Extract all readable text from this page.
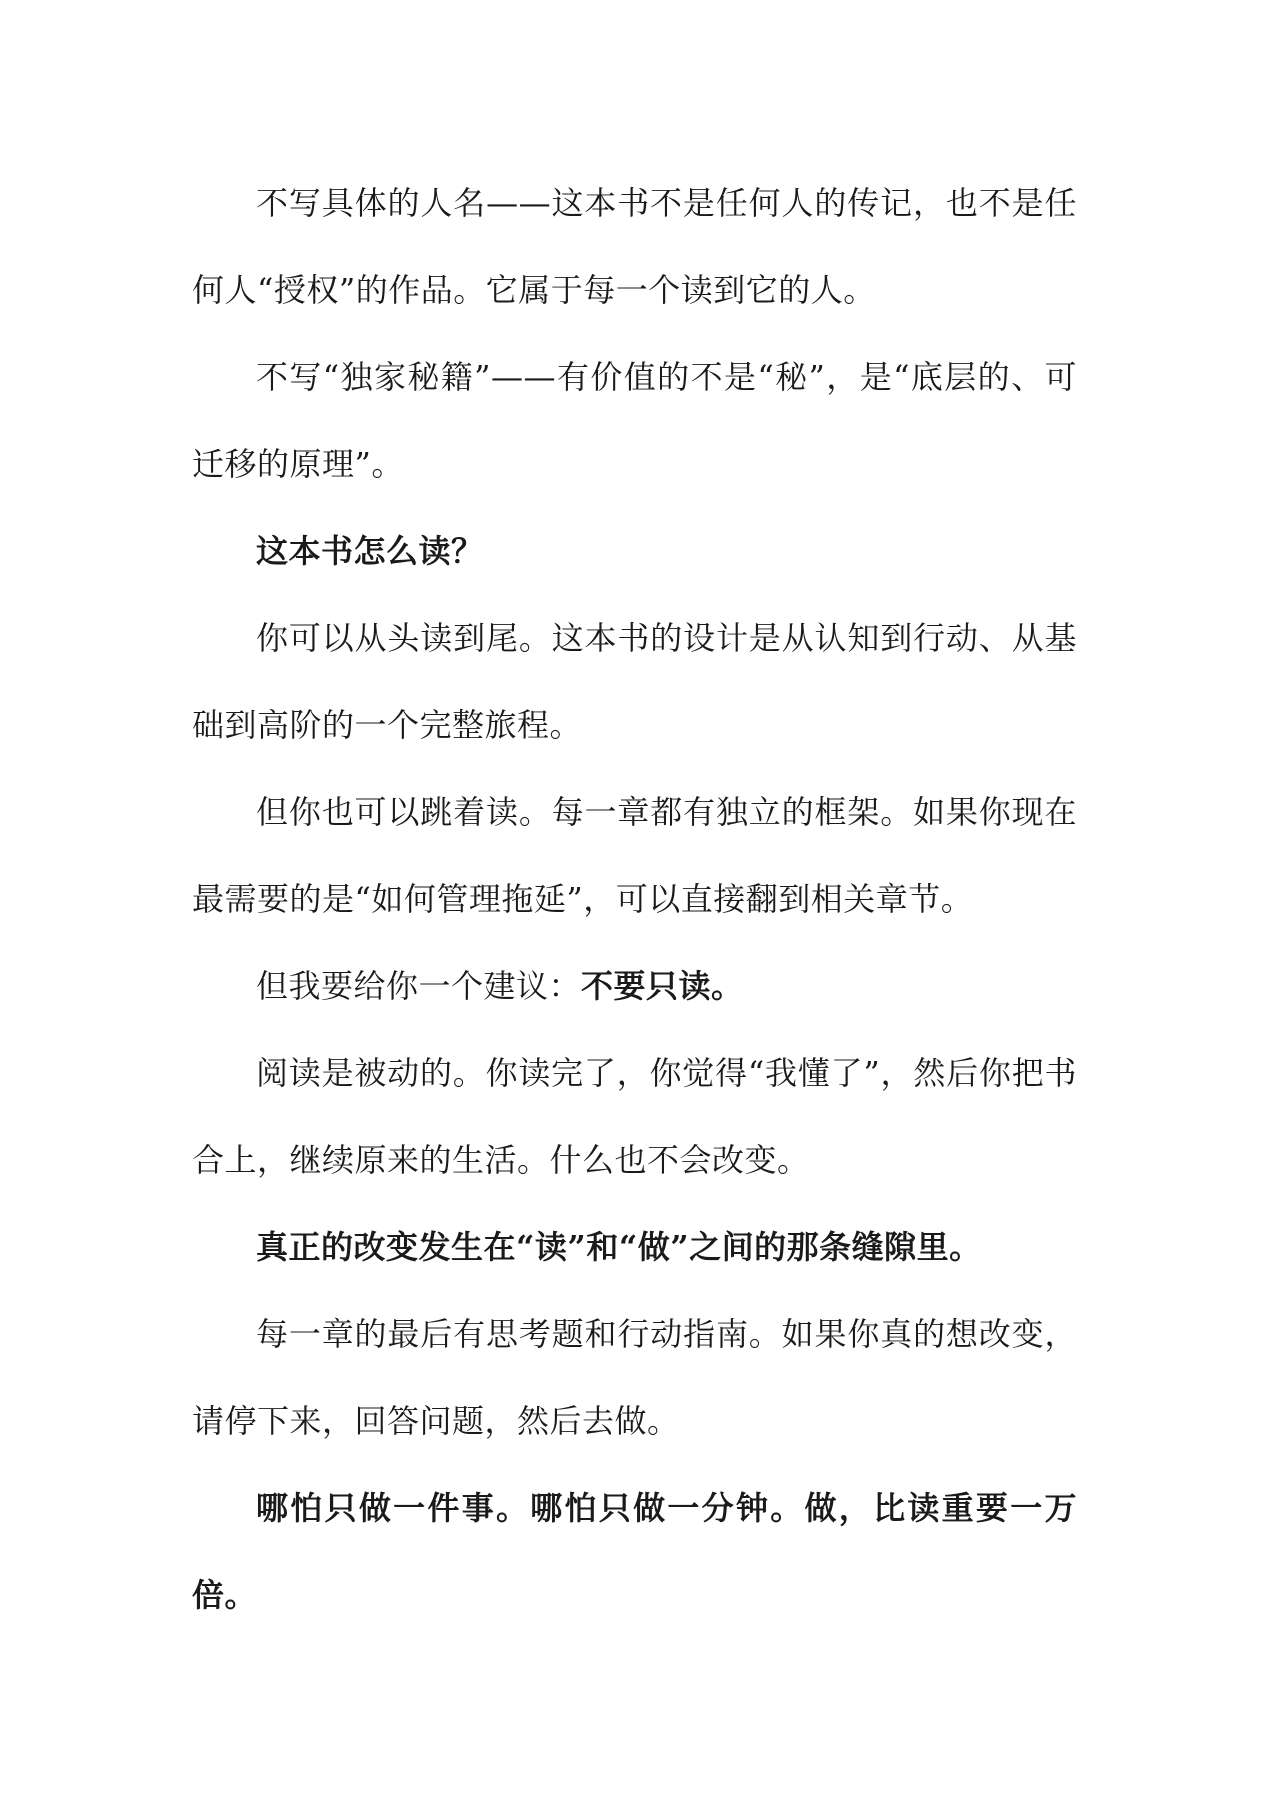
不写具体的人名——这本书不是任何人的传记，也不是任何人“授权”的作品。它属于每一个读到它的人。

不写“独家秘籍”——有价值的不是“秘”，是“底层的、可迁移的原理”。

这本书怎么读？

你可以从头读到尾。这本书的设计是从认知到行动、从基础到高阶的一个完整旅程。

但你也可以跳着读。每一章都有独立的框架。如果你现在最需要的是“如何管理拖延”，可以直接翻到相关章节。

但我要给你一个建议：不要只读。

阅读是被动的。你读完了，你觉得“我懂了”，然后你把书合上，继续原来的生活。什么也不会改变。

真正的改变发生在“读”和“做”之间的那条缝隙里。

每一章的最后有思考题和行动指南。如果你真的想改变，请停下来，回答问题，然后去做。

哪怕只做一件事。哪怕只做一分钟。做，比读重要一万倍。
